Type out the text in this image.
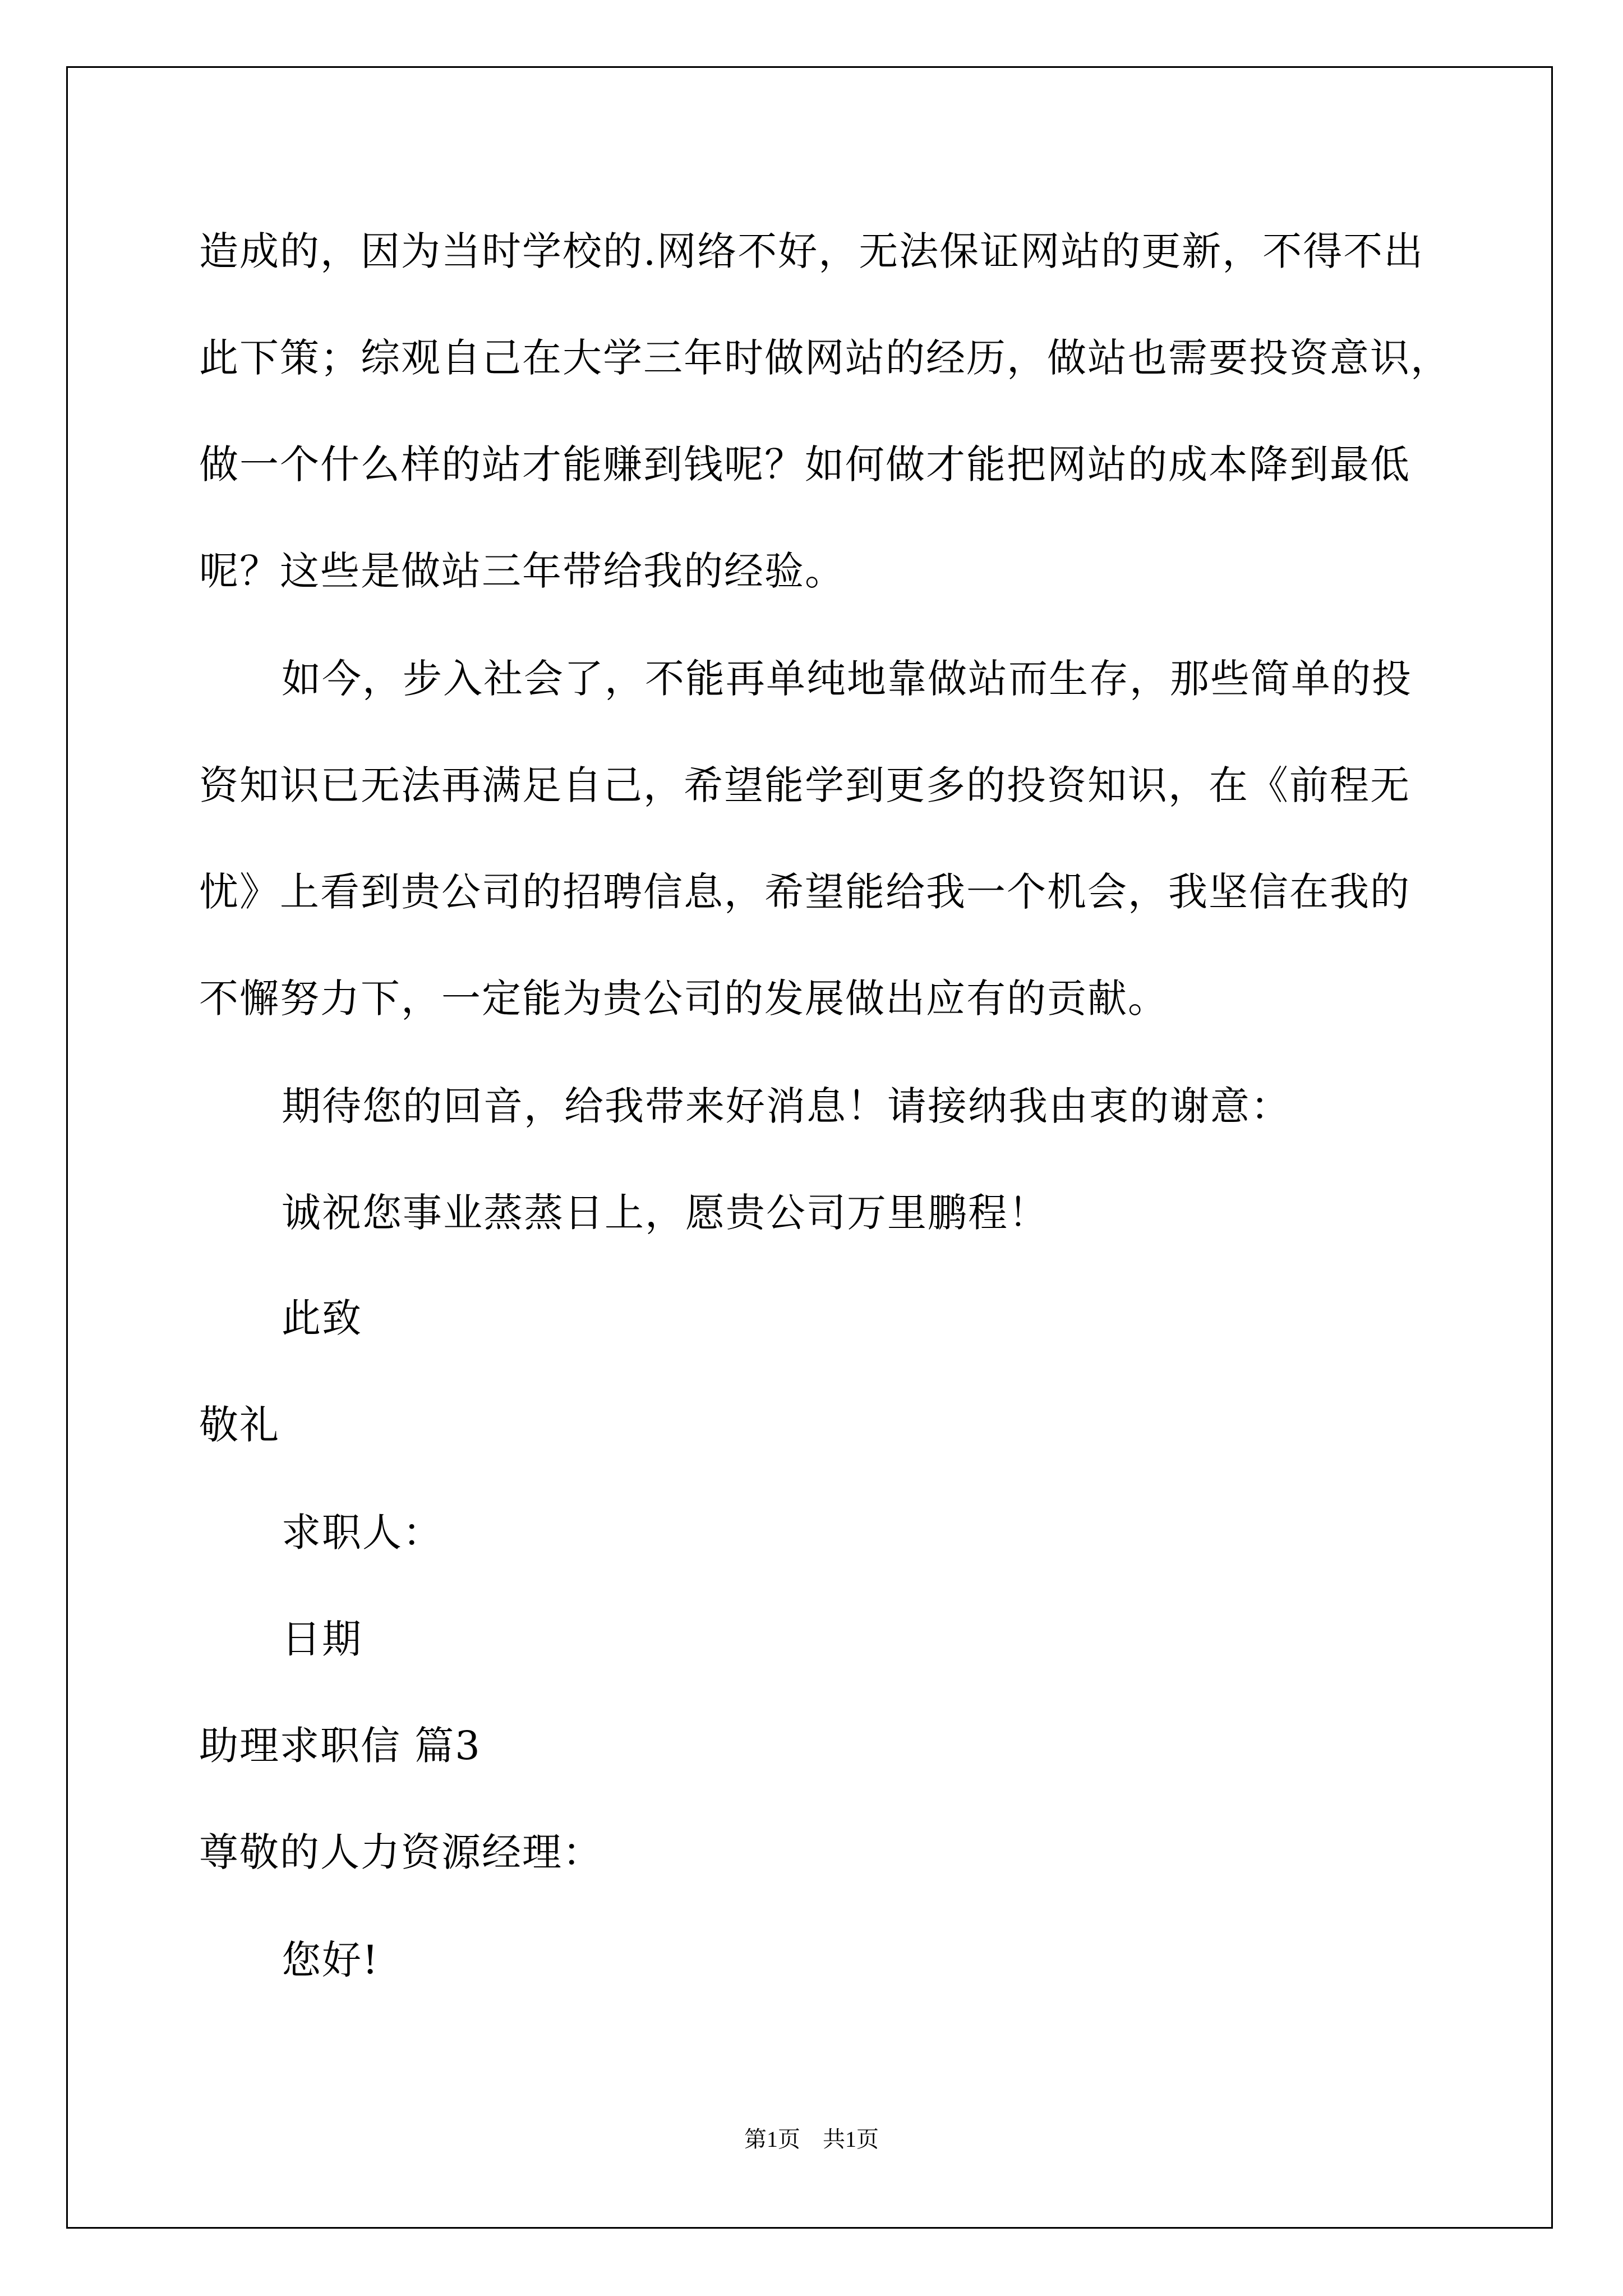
造成的，因为当时学校的.网络不好，无法保证网站的更新，不得不出
此下策；综观自己在大学三年时做网站的经历，做站也需要投资意识，
做一个什么样的站才能赚到钱呢？如何做才能把网站的成本降到最低
呢？这些是做站三年带给我的经验。
如今，步入社会了，不能再单纯地靠做站而生存，那些简单的投
资知识已无法再满足自己，希望能学到更多的投资知识，在《前程无
忧》上看到贵公司的招聘信息，希望能给我一个机会，我坚信在我的
不懈努力下，一定能为贵公司的发展做出应有的贡献。
期待您的回音，给我带来好消息！请接纳我由衷的谢意：
诚祝您事业蒸蒸日上，愿贵公司万里鹏程！
此致
敬礼
求职人：
日期
助理求职信 篇3
尊敬的人力资源经理：
您好!
第1页　共1页
